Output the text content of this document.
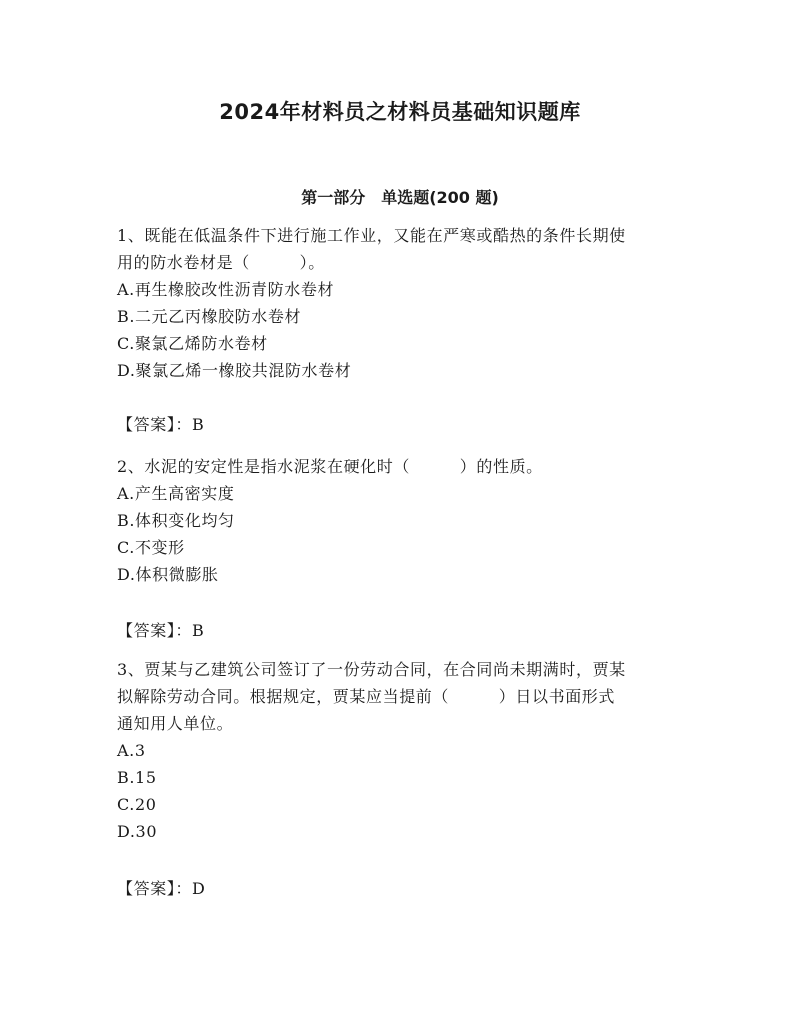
2024年材料员之材料员基础知识题库
第一部分 单选题(200 题)
1、既能在低温条件下进行施工作业，又能在严寒或酷热的条件长期使
用的防水卷材是（　　　）。
A.再生橡胶改性沥青防水卷材
B.二元乙丙橡胶防水卷材
C.聚氯乙烯防水卷材
D.聚氯乙烯一橡胶共混防水卷材
【答案】：B
2、水泥的安定性是指水泥浆在硬化时（　　　）的性质。
A.产生高密实度
B.体积变化均匀
C.不变形
D.体积微膨胀
【答案】：B
3、贾某与乙建筑公司签订了一份劳动合同，在合同尚未期满时，贾某
拟解除劳动合同。根据规定，贾某应当提前（　　　）日以书面形式
通知用人单位。
A.3
B.15
C.20
D.30
【答案】：D
